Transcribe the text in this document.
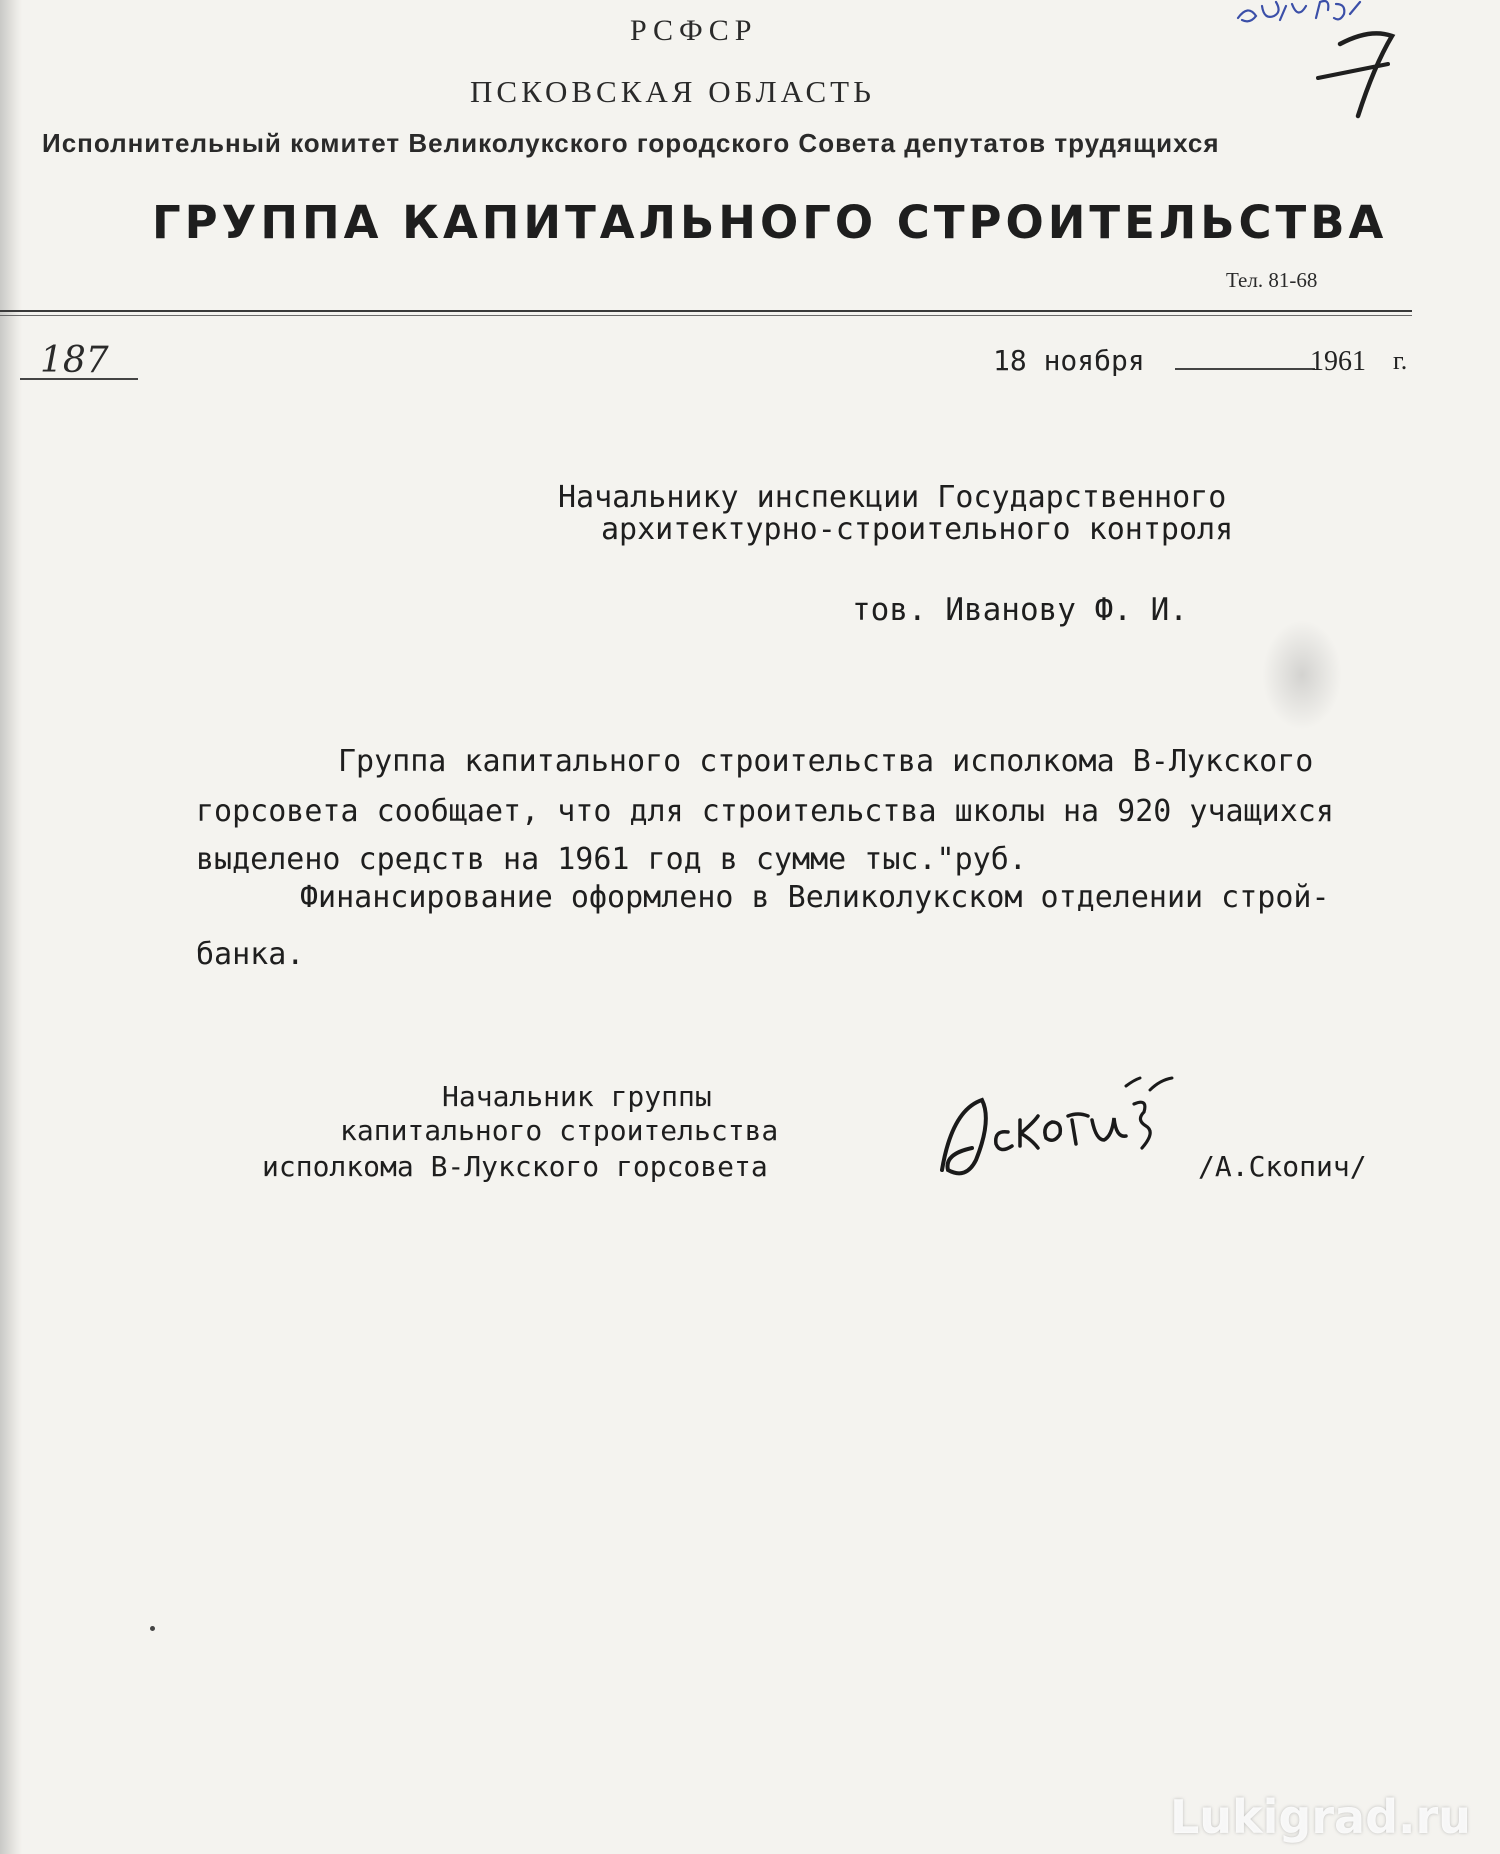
РСФСР
ПСКОВСКАЯ ОБЛАСТЬ
Исполнительный комитет Великолукского городского Совета депутатов трудящихся
ГРУППА КАПИТАЛЬНОГО СТРОИТЕЛЬСТВА
Тел. 81-68
187	18 ноября	1961 г.
Начальнику инспекции Государственного
архитектурно-строительного контроля
тов. Иванову Ф. И.
Группа капитального строительства исполкома В-Лукского
горсовета сообщает, что для строительства школы на 920 учащихся
выделено средств на 1961 год в сумме тыс."руб.
Финансирование оформлено в Великолукском отделении строй-
банка.
Начальник группы
капитального строительства
исполкома В-Лукского горсовета	/А.Скопич/
Lukigrad.ru
